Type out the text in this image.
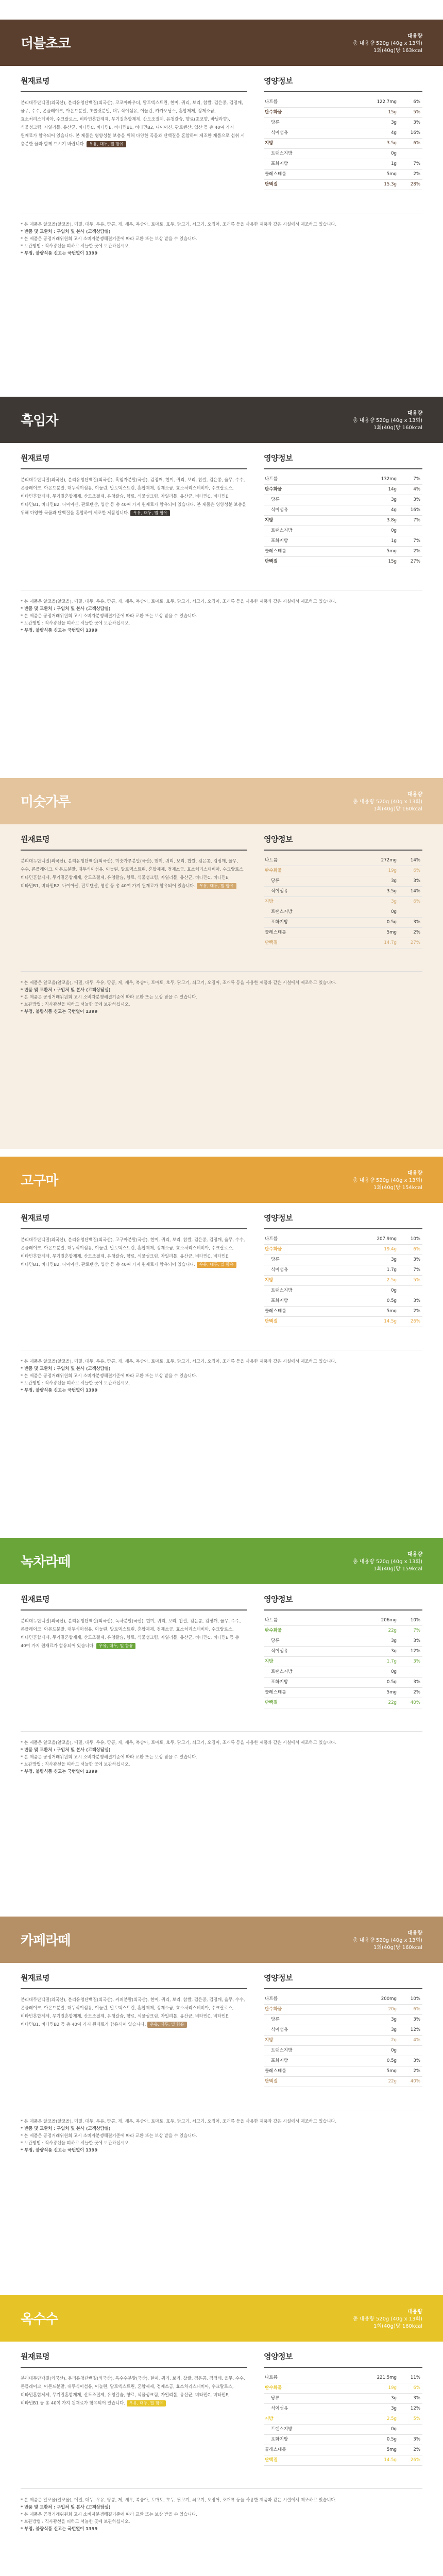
더블초코	대용량
총 내용량 520g (40g x 13회)
1회(40g)당 163kcal
원재료명

분리대두단백질(외국산), 분리유청단백질(외국산), 코코아파우더, 말토덱스트린, 현미, 귀리, 보리, 찹쌀, 검은콩, 검정깨, 율무, 수수, 콘플레이크, 아몬드분말, 초콜릿분말, 대두식이섬유, 이눌린, 카카오닙스, 혼합제제, 정제소금, 효소처리스테비아, 수크랄로스, 비타민혼합제제, 무기질혼합제제, 산도조절제, 유청칼슘, 향료(초코향, 바닐라향), 식물성크림, 자일리톨, 유산균, 비타민C, 비타민E, 비타민B1, 비타민B2, 나이아신, 판토텐산, 엽산 등 총 40여 가지 원재료가 함유되어 있습니다. 본 제품은 영양성분 보충을 위해 다양한 곡물과 단백질을 혼합하여 제조한 제품으로 섭취 시 충분한 물과 함께 드시기 바랍니다. 우유, 대두, 밀 함유

영양정보
나트륨	122.7mg	6%
탄수화물	15g	5%
당류	3g	3%
식이섬유	4g	16%
지방	3.5g	6%
트랜스지방	0g
포화지방	1g	7%
콜레스테롤	5mg	2%
단백질	15.3g	28%
* 본 제품은 알코올(알코올), 메밀, 대두, 우유, 땅콩, 게, 새우, 복숭아, 토마토, 호두, 닭고기, 쇠고기, 오징어, 조개류 등을 사용한 제품과 같은 시설에서 제조하고 있습니다.
* 반품 및 교환처 : 구입처 및 본사 (고객상담실)
* 본 제품은 공정거래위원회 고시 소비자분쟁해결기준에 따라 교환 또는 보상 받을 수 있습니다.
* 보관방법 : 직사광선을 피하고 서늘한 곳에 보관하십시오.
* 부정, 불량식품 신고는 국번없이 1399
흑임자	대용량
총 내용량 520g (40g x 13회)
1회(40g)당 160kcal
원재료명

분리대두단백질(외국산), 분리유청단백질(외국산), 흑임자분말(국산), 검정깨, 현미, 귀리, 보리, 찹쌀, 검은콩, 율무, 수수, 콘플레이크, 아몬드분말, 대두식이섬유, 이눌린, 말토덱스트린, 혼합제제, 정제소금, 효소처리스테비아, 수크랄로스, 비타민혼합제제, 무기질혼합제제, 산도조절제, 유청칼슘, 향료, 식물성크림, 자일리톨, 유산균, 비타민C, 비타민E, 비타민B1, 비타민B2, 나이아신, 판토텐산, 엽산 등 총 40여 가지 원재료가 함유되어 있습니다. 본 제품은 영양성분 보충을 위해 다양한 곡물과 단백질을 혼합하여 제조한 제품입니다. 우유, 대두, 밀 함유

영양정보
나트륨	132mg	7%
탄수화물	14g	4%
당류	3g	3%
식이섬유	4g	16%
지방	3.8g	7%
트랜스지방	0g
포화지방	1g	7%
콜레스테롤	5mg	2%
단백질	15g	27%
* 본 제품은 알코올(알코올), 메밀, 대두, 우유, 땅콩, 게, 새우, 복숭아, 토마토, 호두, 닭고기, 쇠고기, 오징어, 조개류 등을 사용한 제품과 같은 시설에서 제조하고 있습니다.
* 반품 및 교환처 : 구입처 및 본사 (고객상담실)
* 본 제품은 공정거래위원회 고시 소비자분쟁해결기준에 따라 교환 또는 보상 받을 수 있습니다.
* 보관방법 : 직사광선을 피하고 서늘한 곳에 보관하십시오.
* 부정, 불량식품 신고는 국번없이 1399
미숫가루	대용량
총 내용량 520g (40g x 13회)
1회(40g)당 160kcal
원재료명

분리대두단백질(외국산), 분리유청단백질(외국산), 미숫가루분말(국산), 현미, 귀리, 보리, 찹쌀, 검은콩, 검정깨, 율무, 수수, 콘플레이크, 아몬드분말, 대두식이섬유, 이눌린, 말토덱스트린, 혼합제제, 정제소금, 효소처리스테비아, 수크랄로스, 비타민혼합제제, 무기질혼합제제, 산도조절제, 유청칼슘, 향료, 식물성크림, 자일리톨, 유산균, 비타민C, 비타민E, 비타민B1, 비타민B2, 나이아신, 판토텐산, 엽산 등 총 40여 가지 원재료가 함유되어 있습니다. 우유, 대두, 밀 함유

영양정보
나트륨	272mg	14%
탄수화물	19g	6%
당류	3g	3%
식이섬유	3.5g	14%
지방	3g	6%
트랜스지방	0g
포화지방	0.5g	3%
콜레스테롤	5mg	2%
단백질	14.7g	27%
* 본 제품은 알코올(알코올), 메밀, 대두, 우유, 땅콩, 게, 새우, 복숭아, 토마토, 호두, 닭고기, 쇠고기, 오징어, 조개류 등을 사용한 제품과 같은 시설에서 제조하고 있습니다.
* 반품 및 교환처 : 구입처 및 본사 (고객상담실)
* 본 제품은 공정거래위원회 고시 소비자분쟁해결기준에 따라 교환 또는 보상 받을 수 있습니다.
* 보관방법 : 직사광선을 피하고 서늘한 곳에 보관하십시오.
* 부정, 불량식품 신고는 국번없이 1399
고구마	대용량
총 내용량 520g (40g x 13회)
1회(40g)당 154kcal
원재료명

분리대두단백질(외국산), 분리유청단백질(외국산), 고구마분말(국산), 현미, 귀리, 보리, 찹쌀, 검은콩, 검정깨, 율무, 수수, 콘플레이크, 아몬드분말, 대두식이섬유, 이눌린, 말토덱스트린, 혼합제제, 정제소금, 효소처리스테비아, 수크랄로스, 비타민혼합제제, 무기질혼합제제, 산도조절제, 유청칼슘, 향료, 식물성크림, 자일리톨, 유산균, 비타민C, 비타민E, 비타민B1, 비타민B2, 나이아신, 판토텐산, 엽산 등 총 40여 가지 원재료가 함유되어 있습니다. 우유, 대두, 밀 함유

영양정보
나트륨	207.9mg	10%
탄수화물	19.4g	6%
당류	3g	3%
식이섬유	1.7g	7%
지방	2.5g	5%
트랜스지방	0g
포화지방	0.5g	3%
콜레스테롤	5mg	2%
단백질	14.5g	26%
* 본 제품은 알코올(알코올), 메밀, 대두, 우유, 땅콩, 게, 새우, 복숭아, 토마토, 호두, 닭고기, 쇠고기, 오징어, 조개류 등을 사용한 제품과 같은 시설에서 제조하고 있습니다.
* 반품 및 교환처 : 구입처 및 본사 (고객상담실)
* 본 제품은 공정거래위원회 고시 소비자분쟁해결기준에 따라 교환 또는 보상 받을 수 있습니다.
* 보관방법 : 직사광선을 피하고 서늘한 곳에 보관하십시오.
* 부정, 불량식품 신고는 국번없이 1399
녹차라떼	대용량
총 내용량 520g (40g x 13회)
1회(40g)당 159kcal
원재료명

분리대두단백질(외국산), 분리유청단백질(외국산), 녹차분말(국산), 현미, 귀리, 보리, 찹쌀, 검은콩, 검정깨, 율무, 수수, 콘플레이크, 아몬드분말, 대두식이섬유, 이눌린, 말토덱스트린, 혼합제제, 정제소금, 효소처리스테비아, 수크랄로스, 비타민혼합제제, 무기질혼합제제, 산도조절제, 유청칼슘, 향료, 식물성크림, 자일리톨, 유산균, 비타민C, 비타민E 등 총 40여 가지 원재료가 함유되어 있습니다. 우유, 대두, 밀 함유

영양정보
나트륨	206mg	10%
탄수화물	22g	7%
당류	3g	3%
식이섬유	3g	12%
지방	1.7g	3%
트랜스지방	0g
포화지방	0.5g	3%
콜레스테롤	5mg	2%
단백질	22g	40%
* 본 제품은 알코올(알코올), 메밀, 대두, 우유, 땅콩, 게, 새우, 복숭아, 토마토, 호두, 닭고기, 쇠고기, 오징어, 조개류 등을 사용한 제품과 같은 시설에서 제조하고 있습니다.
* 반품 및 교환처 : 구입처 및 본사 (고객상담실)
* 본 제품은 공정거래위원회 고시 소비자분쟁해결기준에 따라 교환 또는 보상 받을 수 있습니다.
* 보관방법 : 직사광선을 피하고 서늘한 곳에 보관하십시오.
* 부정, 불량식품 신고는 국번없이 1399
카페라떼	대용량
총 내용량 520g (40g x 13회)
1회(40g)당 160kcal
원재료명

분리대두단백질(외국산), 분리유청단백질(외국산), 커피분말(외국산), 현미, 귀리, 보리, 찹쌀, 검은콩, 검정깨, 율무, 수수, 콘플레이크, 아몬드분말, 대두식이섬유, 이눌린, 말토덱스트린, 혼합제제, 정제소금, 효소처리스테비아, 수크랄로스, 비타민혼합제제, 무기질혼합제제, 산도조절제, 유청칼슘, 향료, 식물성크림, 자일리톨, 유산균, 비타민C, 비타민E, 비타민B1, 비타민B2 등 총 40여 가지 원재료가 함유되어 있습니다. 우유, 대두, 밀 함유

영양정보
나트륨	200mg	10%
탄수화물	20g	6%
당류	3g	3%
식이섬유	3g	12%
지방	2g	4%
트랜스지방	0g
포화지방	0.5g	3%
콜레스테롤	5mg	2%
단백질	22g	40%
* 본 제품은 알코올(알코올), 메밀, 대두, 우유, 땅콩, 게, 새우, 복숭아, 토마토, 호두, 닭고기, 쇠고기, 오징어, 조개류 등을 사용한 제품과 같은 시설에서 제조하고 있습니다.
* 반품 및 교환처 : 구입처 및 본사 (고객상담실)
* 본 제품은 공정거래위원회 고시 소비자분쟁해결기준에 따라 교환 또는 보상 받을 수 있습니다.
* 보관방법 : 직사광선을 피하고 서늘한 곳에 보관하십시오.
* 부정, 불량식품 신고는 국번없이 1399
옥수수	대용량
총 내용량 520g (40g x 13회)
1회(40g)당 160kcal
원재료명

분리대두단백질(외국산), 분리유청단백질(외국산), 옥수수분말(국산), 현미, 귀리, 보리, 찹쌀, 검은콩, 검정깨, 율무, 수수, 콘플레이크, 아몬드분말, 대두식이섬유, 이눌린, 말토덱스트린, 혼합제제, 정제소금, 효소처리스테비아, 수크랄로스, 비타민혼합제제, 무기질혼합제제, 산도조절제, 유청칼슘, 향료, 식물성크림, 자일리톨, 유산균, 비타민C, 비타민E, 비타민B1 등 총 40여 가지 원재료가 함유되어 있습니다. 우유, 대두, 밀 함유

영양정보
나트륨	221.5mg	11%
탄수화물	19g	6%
당류	3g	3%
식이섬유	3g	12%
지방	2.5g	5%
트랜스지방	0g
포화지방	0.5g	3%
콜레스테롤	5mg	2%
단백질	14.5g	26%
* 본 제품은 알코올(알코올), 메밀, 대두, 우유, 땅콩, 게, 새우, 복숭아, 토마토, 호두, 닭고기, 쇠고기, 오징어, 조개류 등을 사용한 제품과 같은 시설에서 제조하고 있습니다.
* 반품 및 교환처 : 구입처 및 본사 (고객상담실)
* 본 제품은 공정거래위원회 고시 소비자분쟁해결기준에 따라 교환 또는 보상 받을 수 있습니다.
* 보관방법 : 직사광선을 피하고 서늘한 곳에 보관하십시오.
* 부정, 불량식품 신고는 국번없이 1399
